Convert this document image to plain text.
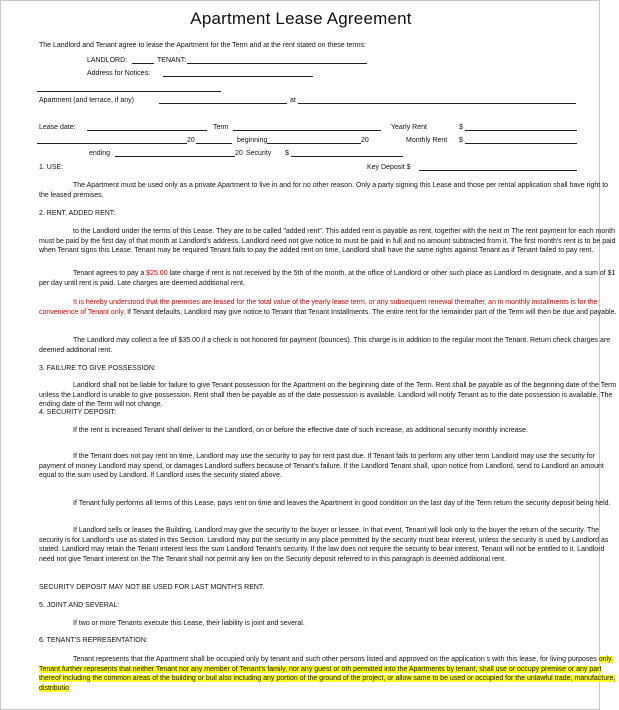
Apartment Lease Agreement
The Landlord and Tenant agree to lease the Apartment for the Term and at the rent stated on these terms:
LANDLORD:	TENANT:
Address for Notices:
Apartment (and terrace, if any)	at
Lease date:	Term	Yearly Rent	$
20	beginning	20	Monthly Rent $
ending	20 Security $
1. USE:	Key Deposit $
The Apartment must be used only as a private Apartment to live in and for no other reason. Only a party signing this Lease and those per rental application shall have right to the leased premises.
2. RENT, ADDED RENT:
to the Landlord under the terms of this Lease. They are to be called "added rent". This added rent is payable as rent, together with the next m The rent payment for each month must be paid by the first day of that month at Landlord's address. Landlord need not give notice to must be paid in full and no amount subtracted from it. The first month's rent is to be paid when Tenant signs this Lease. Tenant may be required Tenant fails to pay the added rent on time, Landlord shall have the same rights against Tenant as if Tenant failed to pay rent.
Tenant agrees to pay a $25.00 late charge if rent is not received by the 5th of the month, at the office of Landlord or other such place as Landlord m designate, and a sum of $1 per day until rent is paid. Late charges are deemed additional rent.
It is hereby understood that the premises are leased for the total value of the yearly lease term, or any subsequent renewal thereafter, an in monthly installments is for the convenience of Tenant only. If Tenant defaults, Landlord may give notice to Tenant that Tenant Installments. The entire rent for the remainder part of the Term will then be due and payable.
The Landlord may collect a fee of $35.00 if a check is not honored for payment (bounces). This charge is in addition to the regular mont the Tenant. Return check charges are deemed additional rent.
3. FAILURE TO GIVE POSSESSION:
Landlord shall not be liable for failure to give Tenant possession for the Apartment on the beginning date of the Term. Rent shall be payable as of the beginning date of the Term unless the Landlord is unable to give possession. Rent shall then be payable as of the date possession is available. Landlord will notify Tenant as to the date possession is available. The ending date of the Term will not change.
4. SECURITY DEPOSIT:
If the rent is increased Tenant shall deliver to the Landlord, on or before the effective date of such increase, as additional security monthly increase.
If the Tenant does not pay rent on time, Landlord may use the security to pay for rent past due. If Tenant fails to perform any other term Landlord may use the security for payment of money Landlord may spend, or damages Landlord suffers because of Tenant's failure. If the Landlord Tenant shall, upon notice from Landlord, send to Landlord an amount equal to the sum used by Landlord. If Landlord uses the security stated above.
If Tenant fully performs all terms of this Lease, pays rent on time and leaves the Apartment in good condition on the last day of the Term return the security deposit being held.
If Landlord sells or leases the Building, Landlord may give the security to the buyer or lessee. In that event, Tenant will look only to the buyer the return of the security. The security is for Landlord's use as stated in this Section. Landlord may put the security in any place permitted by the security must bear interest, unless the security is used by Landlord as stated. Landlord may retain the Tenant interest less the sum Landlord Tenant's security. If the law does not require the security to bear interest, Tenant will not be entitled to it. Landlord need not give Tenant interest on the The Tenant shall not permit any lien on the Security deposit referred to in this paragraph is deemed additional rent.
SECURITY DEPOSIT MAY NOT BE USED FOR LAST MONTH'S RENT.
5. JOINT AND SEVERAL:
If two or more Tenants execute this Lease, their liability is joint and several.
6. TENANT'S REPRESENTATION:
Tenant represents that the Apartment shall be occupied only by tenant and such other persons listed and approved on the application s with this lease, for living purposes only. Tenant further represents that neither Tenant nor any member of Tenant's family, nor any guest or oth permitted into the Apartments by tenant, shall use or occupy premise or any part thereof including the common areas of the building or buil also including any portion of the ground of the project, or allow same to be used or occupied for the unlawful trade, manufacture, distributio
